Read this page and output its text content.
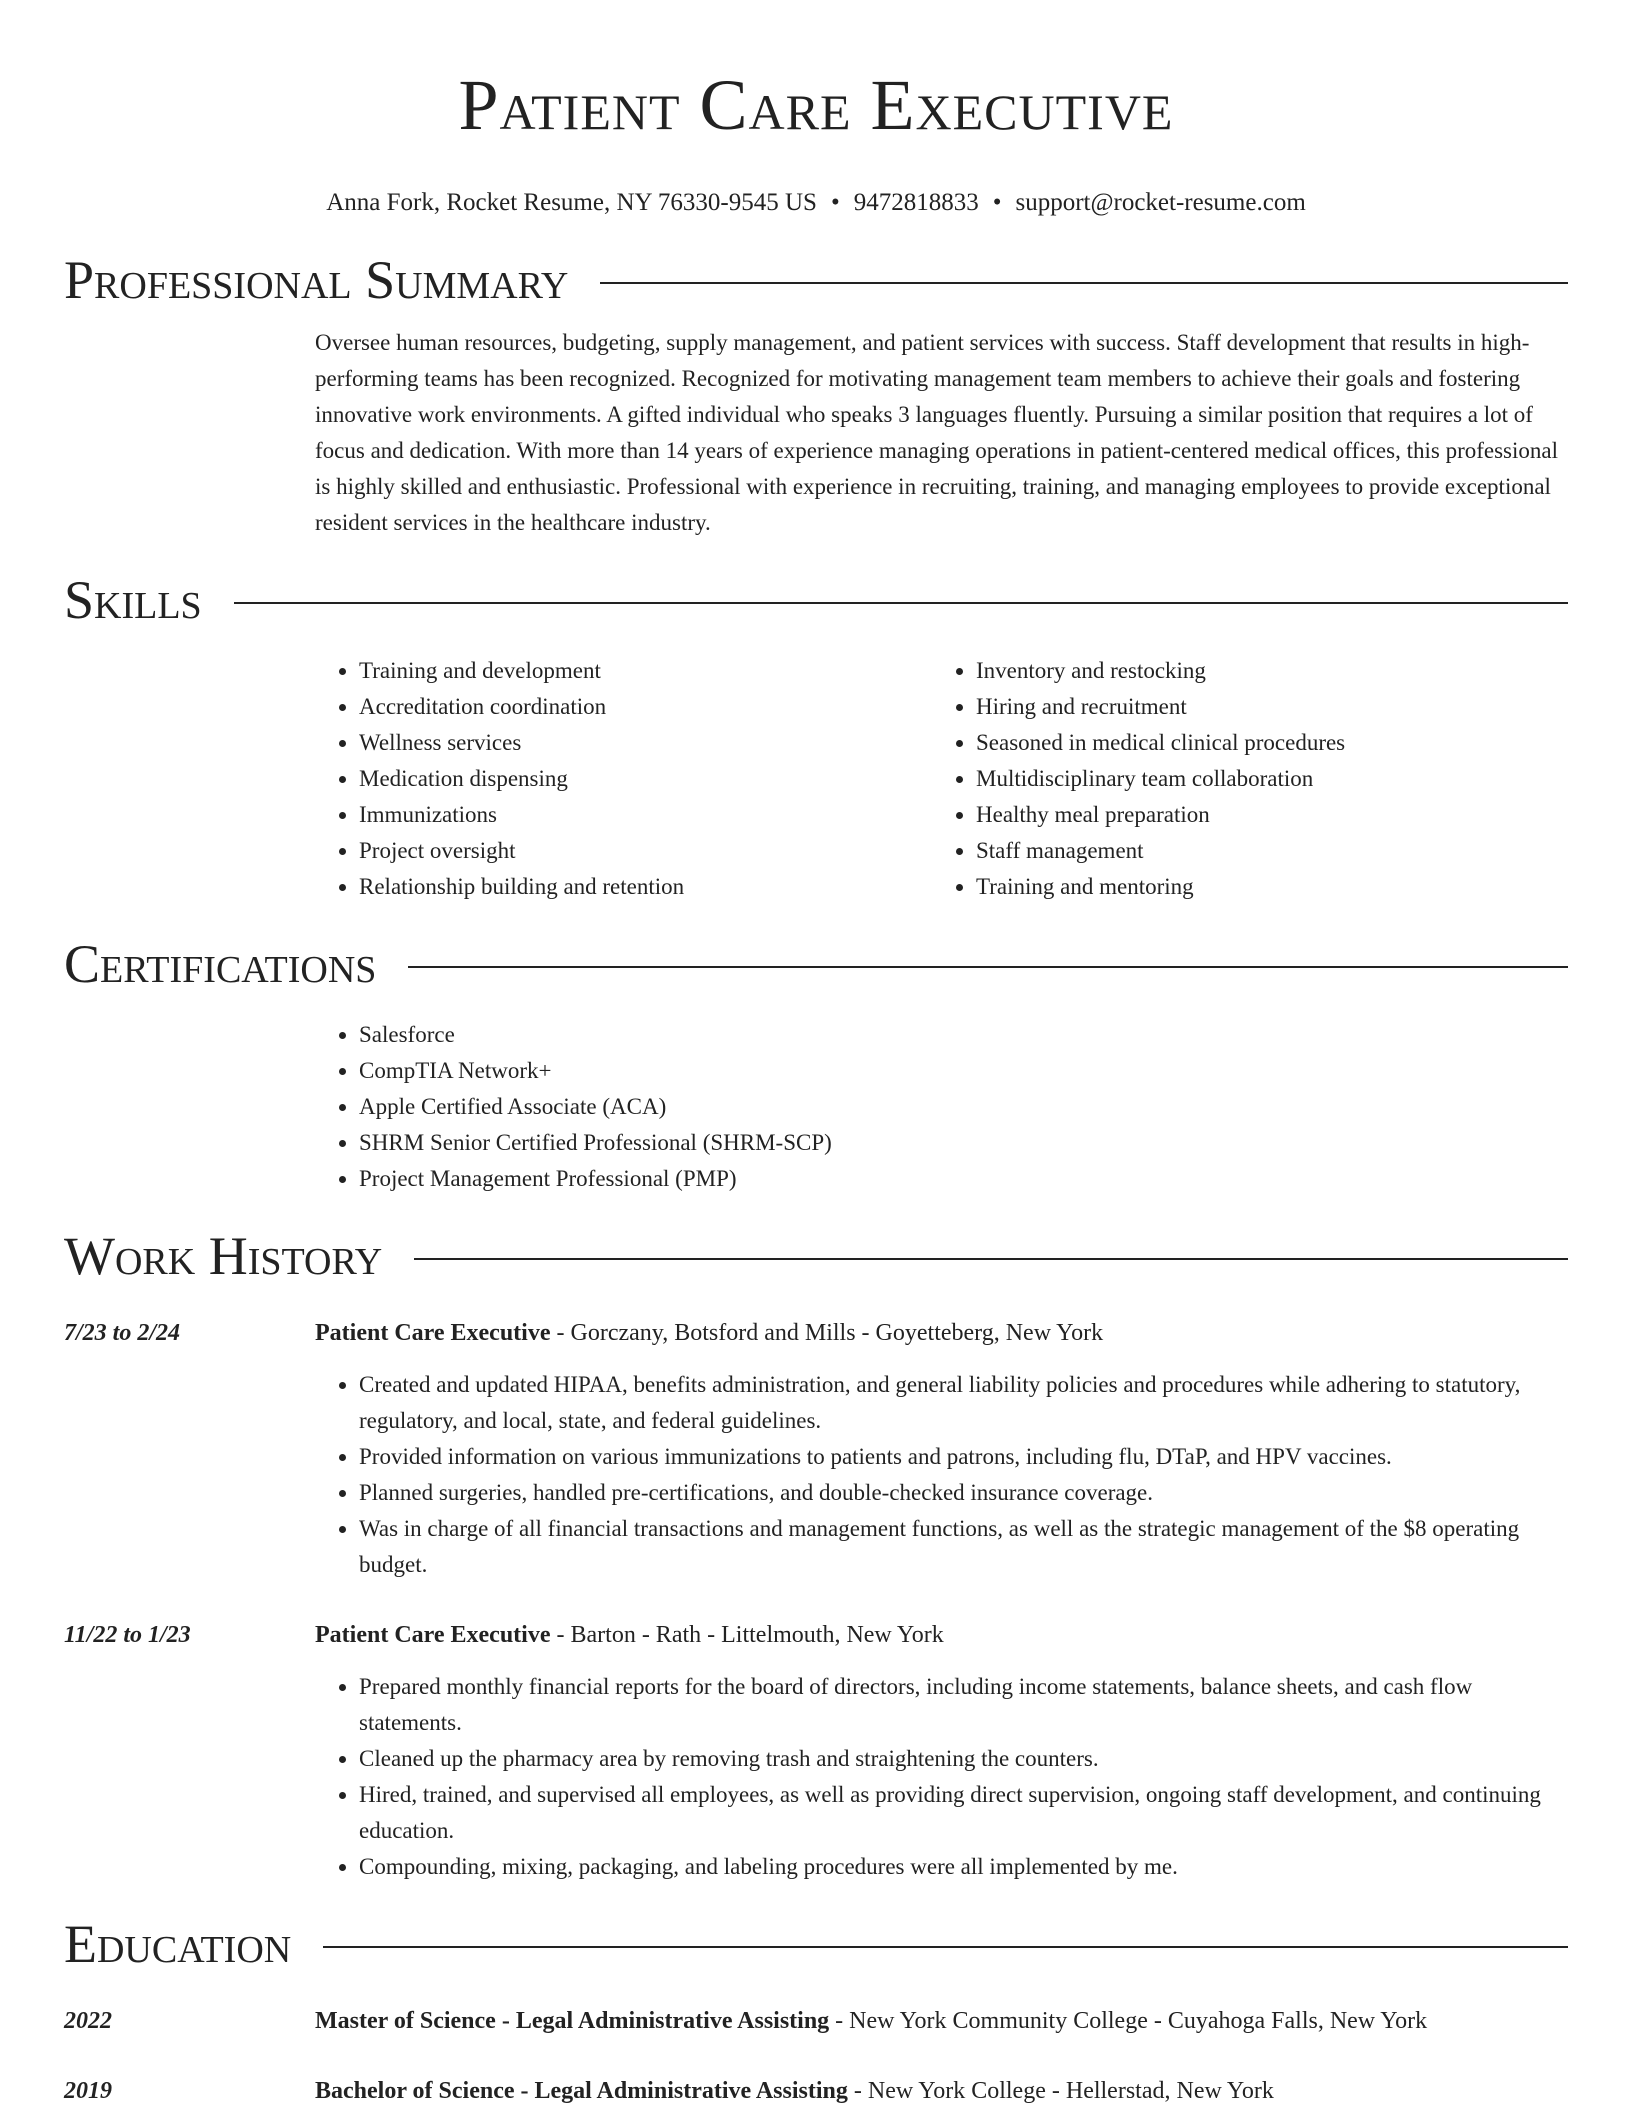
Patient Care Executive
Anna Fork, Rocket Resume, NY 76330-9545 US • 9472818833 • support@rocket-resume.com
Professional Summary
Oversee human resources, budgeting, supply management, and patient services with success. Staff development that results in high-performing teams has been recognized. Recognized for motivating management team members to achieve their goals and fostering innovative work environments. A gifted individual who speaks 3 languages fluently. Pursuing a similar position that requires a lot of focus and dedication. With more than 14 years of experience managing operations in patient-centered medical offices, this professional is highly skilled and enthusiastic. Professional with experience in recruiting, training, and managing employees to provide exceptional resident services in the healthcare industry.
Skills
• Training and development
• Accreditation coordination
• Wellness services
• Medication dispensing
• Immunizations
• Project oversight
• Relationship building and retention
• Inventory and restocking
• Hiring and recruitment
• Seasoned in medical clinical procedures
• Multidisciplinary team collaboration
• Healthy meal preparation
• Staff management
• Training and mentoring
Certifications
• Salesforce
• CompTIA Network+
• Apple Certified Associate (ACA)
• SHRM Senior Certified Professional (SHRM-SCP)
• Project Management Professional (PMP)
Work History
7/23 to 2/24	Patient Care Executive - Gorczany, Botsford and Mills - Goyetteberg, New York
• Created and updated HIPAA, benefits administration, and general liability policies and procedures while adhering to statutory, regulatory, and local, state, and federal guidelines.
• Provided information on various immunizations to patients and patrons, including flu, DTaP, and HPV vaccines.
• Planned surgeries, handled pre-certifications, and double-checked insurance coverage.
• Was in charge of all financial transactions and management functions, as well as the strategic management of the $8 operating budget.
11/22 to 1/23	Patient Care Executive - Barton - Rath - Littelmouth, New York
• Prepared monthly financial reports for the board of directors, including income statements, balance sheets, and cash flow statements.
• Cleaned up the pharmacy area by removing trash and straightening the counters.
• Hired, trained, and supervised all employees, as well as providing direct supervision, ongoing staff development, and continuing education.
• Compounding, mixing, packaging, and labeling procedures were all implemented by me.
Education
2022	Master of Science - Legal Administrative Assisting - New York Community College - Cuyahoga Falls, New York
2019	Bachelor of Science - Legal Administrative Assisting - New York College - Hellerstad, New York
